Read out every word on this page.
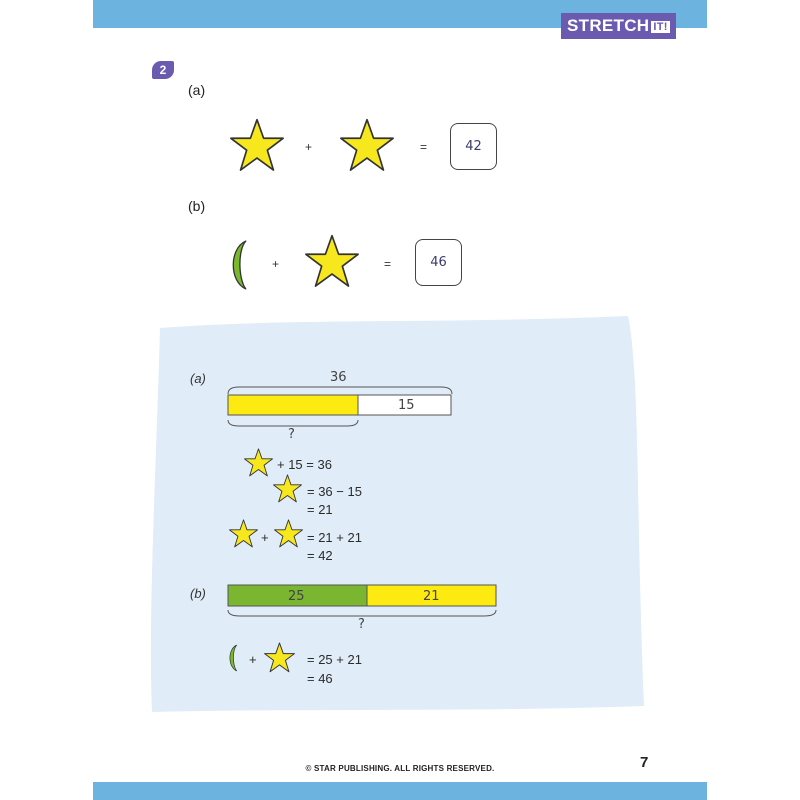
STRETCH IT!
2
(a)
+	=	42
(b)
+	=	46
(a)	36
15
?
+ 15 = 36
= 36 − 15
= 21
+	= 21 + 21
= 42
(b)	25	21
?
+	= 25 + 21
= 46
© STAR PUBLISHING. ALL RIGHTS RESERVED.	7
